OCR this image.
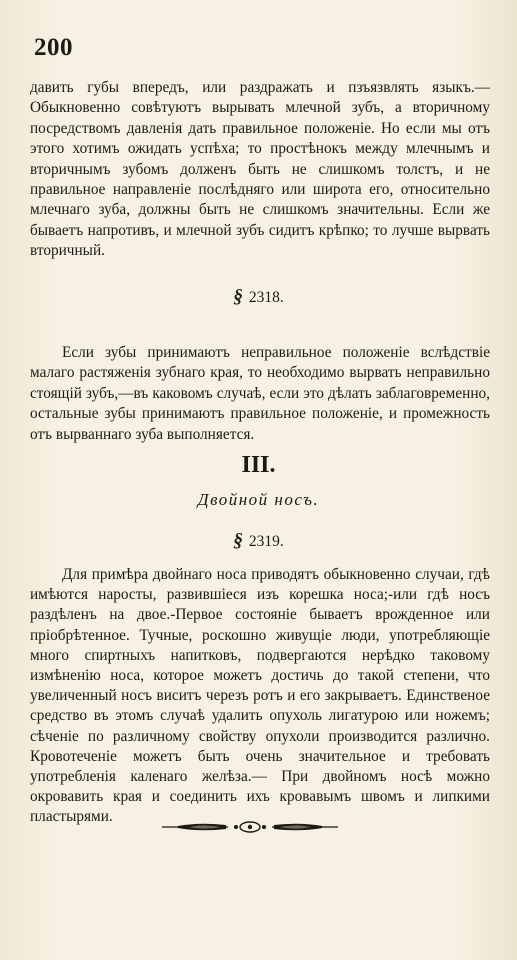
200

давить губы впередъ, или раздражать и пзъязвлять языкъ.— Обыкновенно совѣтуютъ вырывать млечной зубъ, а вторичному посредствомъ давленія дать правильное положеніе. Но если мы отъ этого хотимъ ожидать успѣха; то простѣнокъ между млечнымъ и вторичнымъ зубомъ долженъ быть не слишкомъ толстъ, и не правильное направленіе послѣдняго или широта его, относительно млечнаго зуба, должны быть не слишкомъ значительны. Если же бываетъ напротивъ, и млечной зубъ сидитъ крѣпко; то лучше вырвать вторичный.

§ 2318.

Если зубы принимаютъ неправильное положеніе вслѣдствіе малаго растяженія зубнаго края, то необходимо вырвать неправильно стоящій зубъ,—въ каковомъ случаѣ, если это дѣлать заблаговременно, остальные зубы принимаютъ правильное положеніе, и промежность отъ вырваннаго зуба выполняется.

III.
Двойной носъ.
§ 2319.

Для примѣра двойнаго носа приводятъ обыкновенно случаи, гдѣ имѣются наросты, развившіеся изъ корешка носа;-или гдѣ носъ раздѣленъ на двое.-Первое состояніе бываетъ врожденное или пріобрѣтенное. Тучные, роскошно живущіе люди, употребляющіе много спиртныхъ напитковъ, подвергаются нерѣдко таковому измѣненію носа, которое можетъ достичь до такой степени, что увеличенный носъ виситъ черезъ ротъ и его закрываетъ. Единственое средство въ этомъ случаѣ удалить опухоль лигатурою или ножемъ; сѣченіе по различному свойству опухоли производится различно. Кровотеченіе можетъ быть очень значительное и требовать употребленія каленаго желѣза.— При двойномъ носѣ можно окровавить края и соединить ихъ кровавымъ швомъ и липкими пластырями.
